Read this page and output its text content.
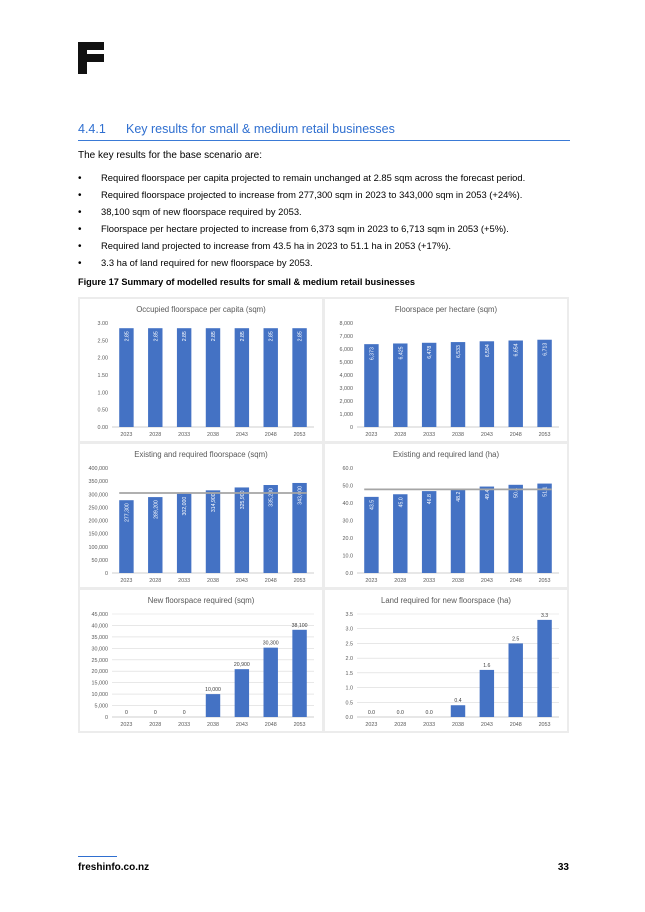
4.4.1 Key results for small & medium retail businesses
The key results for the base scenario are:
• Required floorspace per capita projected to remain unchanged at 2.85 sqm across the forecast period.
• Required floorspace projected to increase from 277,300 sqm in 2023 to 343,000 sqm in 2053 (+24%).
• 38,100 sqm of new floorspace required by 2053.
• Floorspace per hectare projected to increase from 6,373 sqm in 2023 to 6,713 sqm in 2053 (+5%).
• Required land projected to increase from 43.5 ha in 2023 to 51.1 ha in 2053 (+17%).
• 3.3 ha of land required for new floorspace by 2053.
Figure 17 Summary of modelled results for small & medium retail businesses
Occupied floorspace per capita (sqm)
0.00
0.50
1.00
1.50
2.00
2.50
3.00
2023
2.85
2028
2.85
2033
2.85
2038
2.85
2043
2.85
2048
2.85
2053
2.85
Floorspace per hectare (sqm)
0
1,000
2,000
3,000
4,000
5,000
6,000
7,000
8,000
2023
6,373
2028
6,425
2033
6,478
2038
6,533
2043
6,594
2048
6,654
2053
6,713
Existing and required floorspace (sqm)
0
50,000
100,000
150,000
200,000
250,000
300,000
350,000
400,000
2023
277,300
2028
289,200
2033
302,000
2038
314,900
2043
325,900
2048
335,200
2053
343,000
Existing and required land (ha)
0.0
10.0
20.0
30.0
40.0
50.0
60.0
2023
43.5
2028
45.0
2033
46.8
2038
48.2
2043
49.4
2048
50.4
2053
51.1
New floorspace required (sqm)
0
5,000
10,000
15,000
20,000
25,000
30,000
35,000
40,000
45,000
2023
0
2028
0
2033
0
2038
10,000
2043
20,900
2048
30,300
2053
38,100
Land required for new floorspace (ha)
0.0
0.5
1.0
1.5
2.0
2.5
3.0
3.5
2023
0.0
2028
0.0
2033
0.0
2038
0.4
2043
1.6
2048
2.5
2053
3.3
freshinfo.co.nz	33
